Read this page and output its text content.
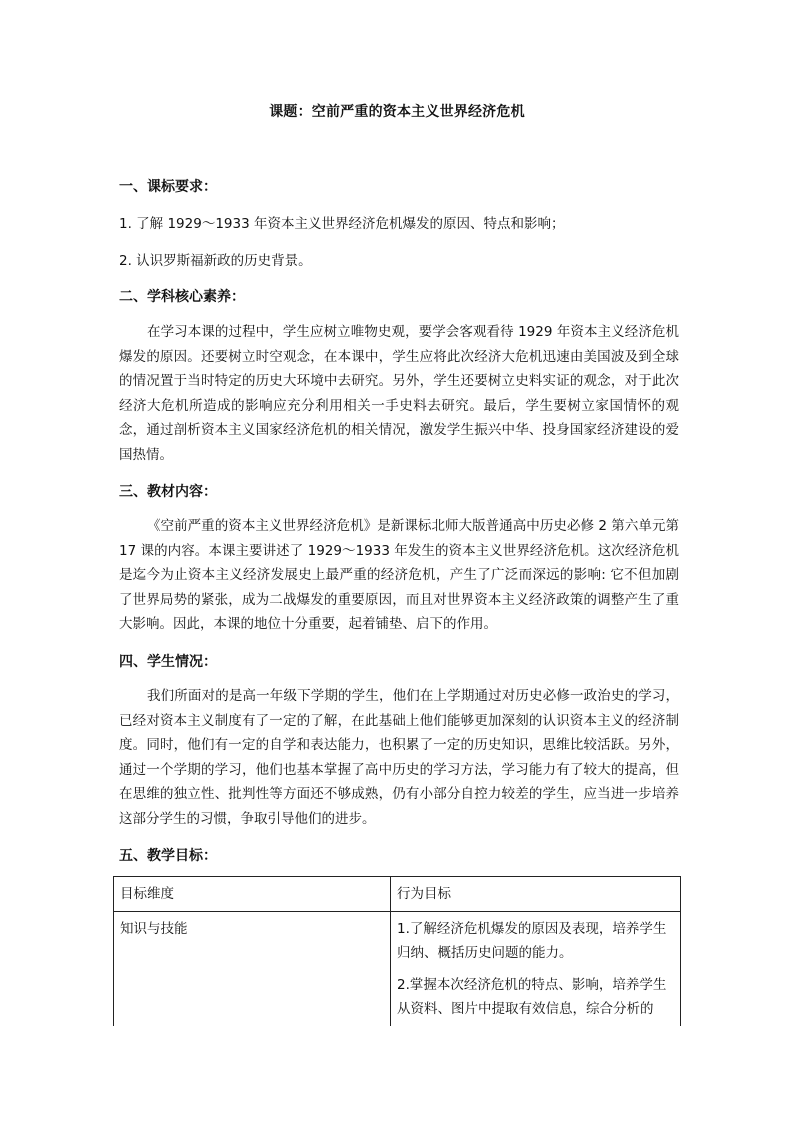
课题：空前严重的资本主义世界经济危机
一、课标要求：
1. 了解 1929～1933 年资本主义世界经济危机爆发的原因、特点和影响；
2. 认识罗斯福新政的历史背景。
二、学科核心素养：
在学习本课的过程中，学生应树立唯物史观，要学会客观看待 1929 年资本主义经济危机爆发的原因。还要树立时空观念，在本课中，学生应将此次经济大危机迅速由美国波及到全球的情况置于当时特定的历史大环境中去研究。另外，学生还要树立史料实证的观念，对于此次经济大危机所造成的影响应充分利用相关一手史料去研究。最后，学生要树立家国情怀的观念，通过剖析资本主义国家经济危机的相关情况，激发学生振兴中华、投身国家经济建设的爱国热情。
三、教材内容：
《空前严重的资本主义世界经济危机》是新课标北师大版普通高中历史必修 2 第六单元第 17 课的内容。本课主要讲述了 1929～1933 年发生的资本主义世界经济危机。这次经济危机是迄今为止资本主义经济发展史上最严重的经济危机，产生了广泛而深远的影响: 它不但加剧了世界局势的紧张，成为二战爆发的重要原因，而且对世界资本主义经济政策的调整产生了重大影响。因此，本课的地位十分重要，起着铺垫、启下的作用。
四、学生情况：
我们所面对的是高一年级下学期的学生，他们在上学期通过对历史必修一政治史的学习，已经对资本主义制度有了一定的了解，在此基础上他们能够更加深刻的认识资本主义的经济制度。同时，他们有一定的自学和表达能力，也积累了一定的历史知识，思维比较活跃。另外，通过一个学期的学习，他们也基本掌握了高中历史的学习方法，学习能力有了较大的提高，但在思维的独立性、批判性等方面还不够成熟，仍有小部分自控力较差的学生，应当进一步培养这部分学生的习惯，争取引导他们的进步。
五、教学目标：
目标维度	行为目标
知识与技能	1.了解经济危机爆发的原因及表现，培养学生归纳、概括历史问题的能力。

2.掌握本次经济危机的特点、影响，培养学生从资料、图片中提取有效信息，综合分析的
